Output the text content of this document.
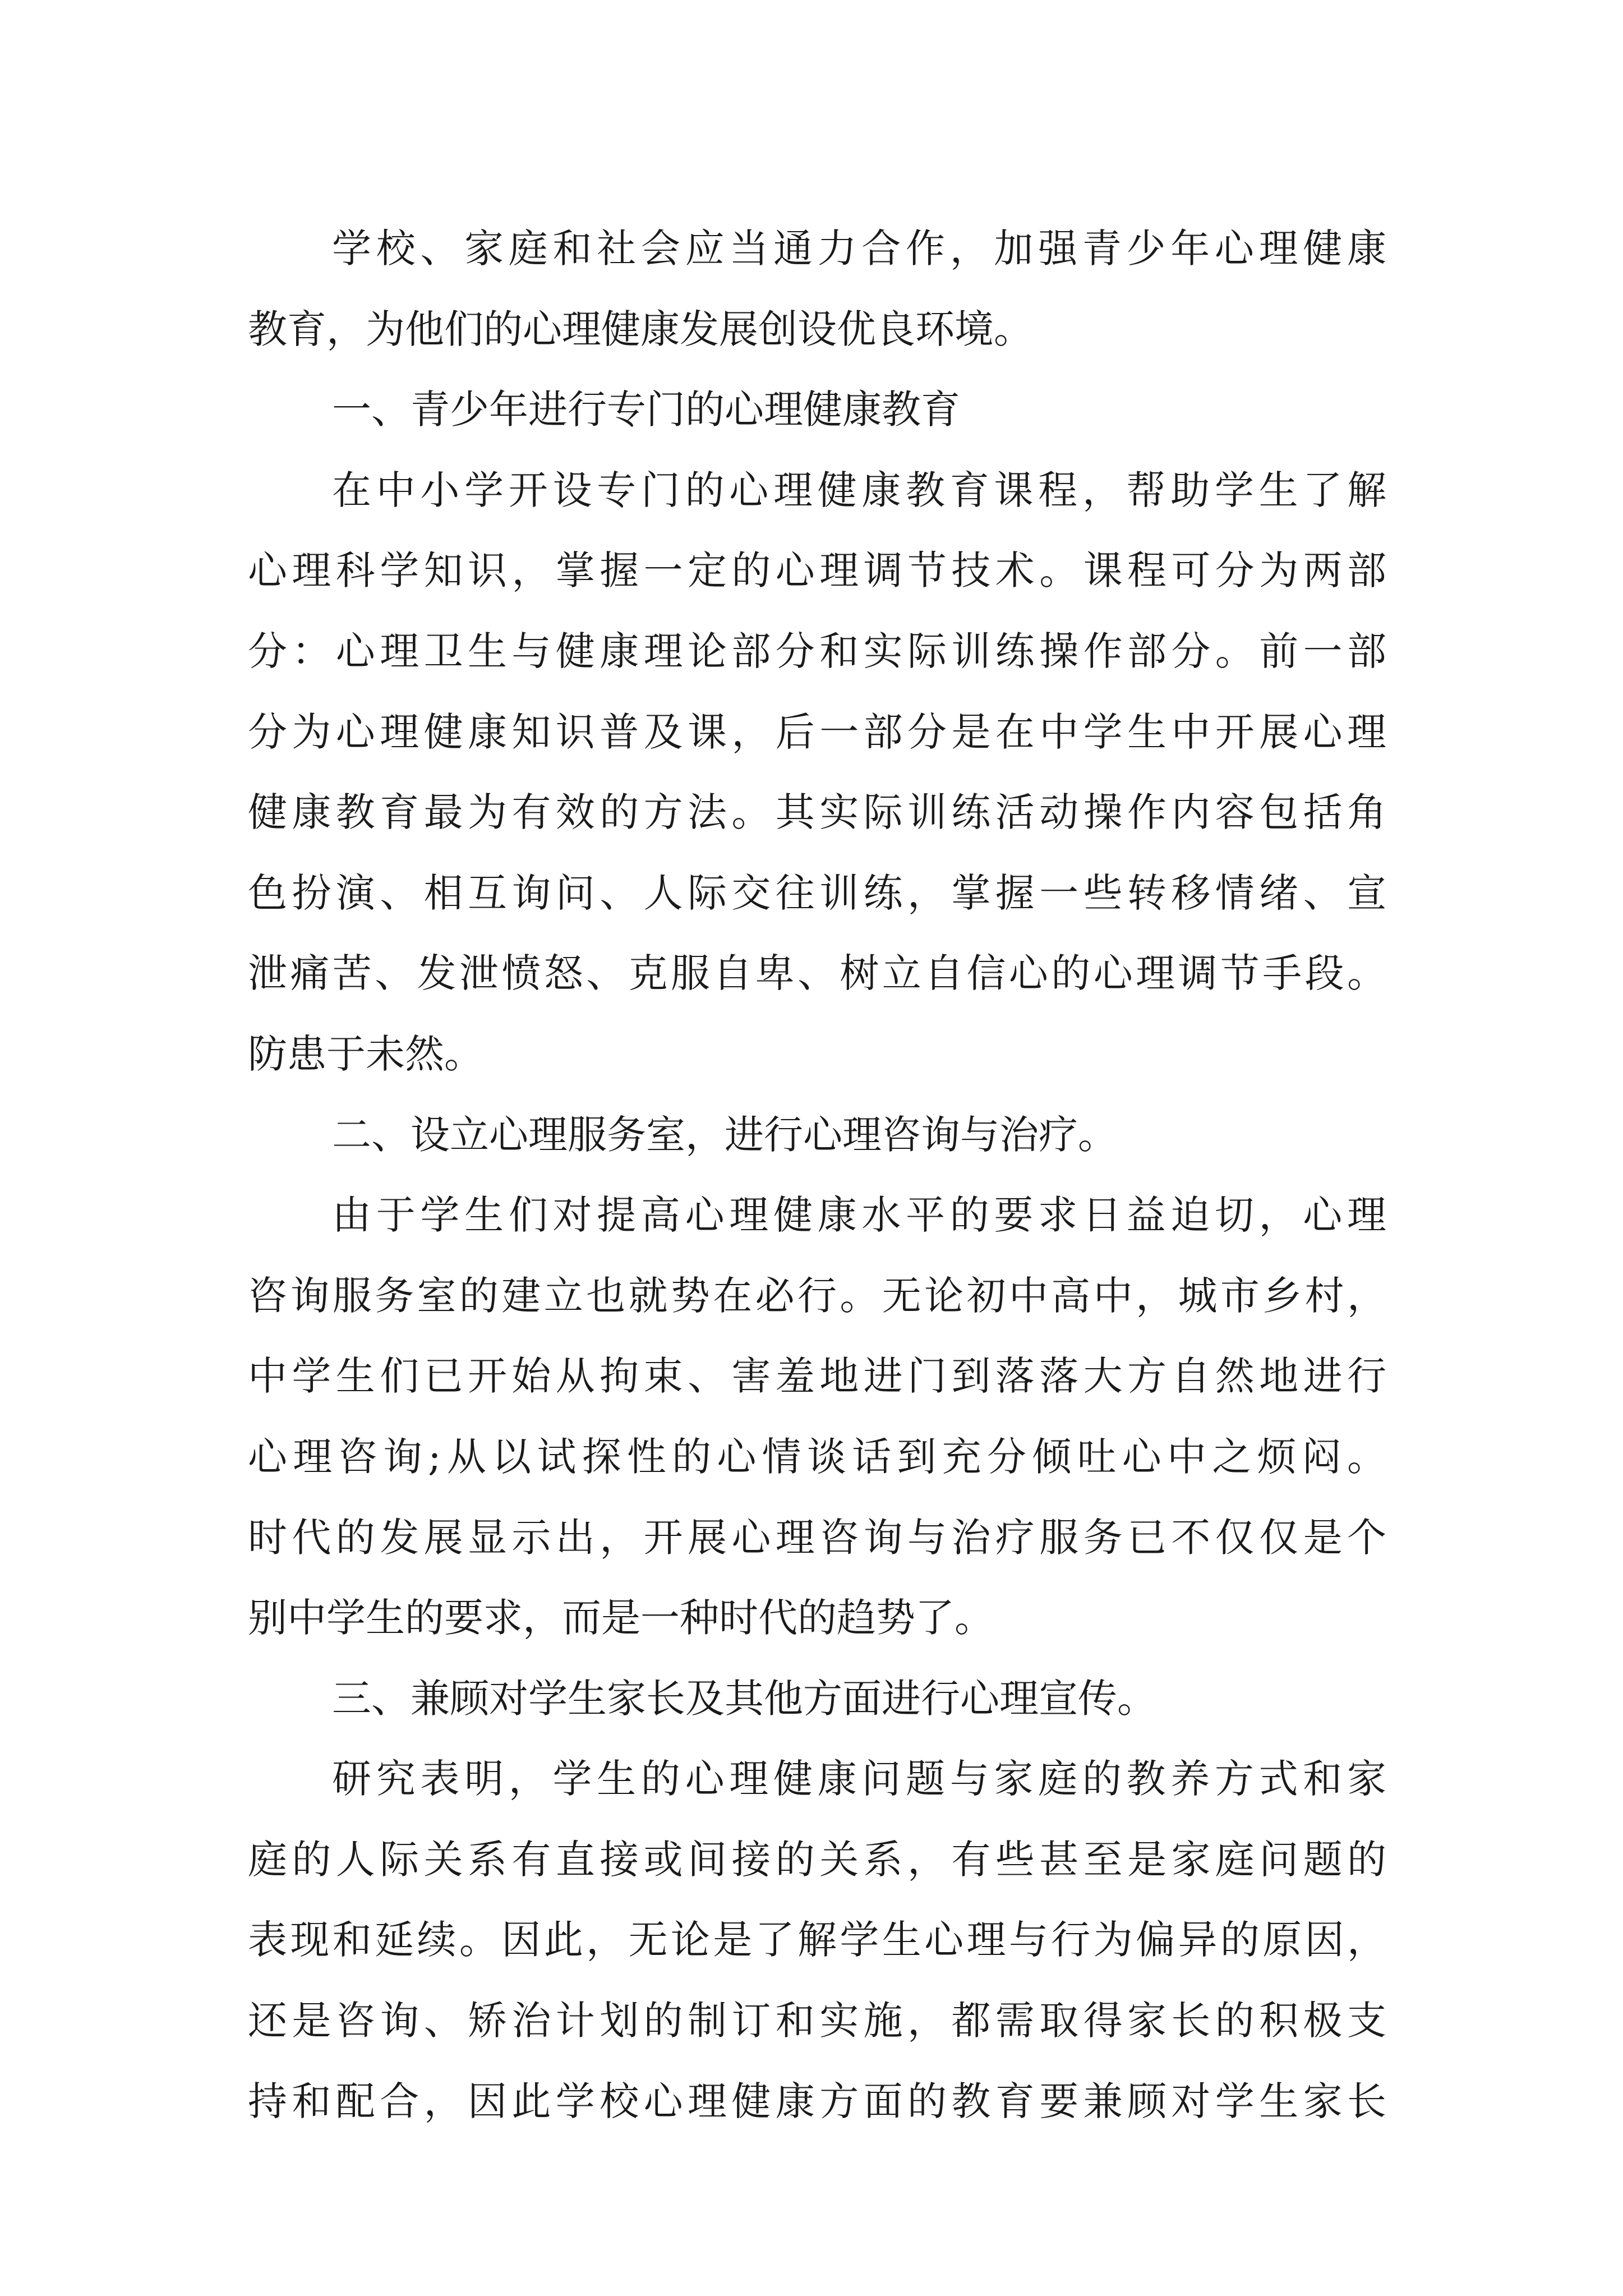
学校、家庭和社会应当通力合作，加强青少年心理健康
教育，为他们的心理健康发展创设优良环境。
一、青少年进行专门的心理健康教育
在中小学开设专门的心理健康教育课程，帮助学生了解
心理科学知识，掌握一定的心理调节技术。课程可分为两部
分：心理卫生与健康理论部分和实际训练操作部分。前一部
分为心理健康知识普及课，后一部分是在中学生中开展心理
健康教育最为有效的方法。其实际训练活动操作内容包括角
色扮演、相互询问、人际交往训练，掌握一些转移情绪、宣
泄痛苦、发泄愤怒、克服自卑、树立自信心的心理调节手段。
防患于未然。
二、设立心理服务室，进行心理咨询与治疗。
由于学生们对提高心理健康水平的要求日益迫切，心理
咨询服务室的建立也就势在必行。无论初中高中，城市乡村，
中学生们已开始从拘束、害羞地进门到落落大方自然地进行
心理咨询;从以试探性的心情谈话到充分倾吐心中之烦闷。
时代的发展显示出，开展心理咨询与治疗服务已不仅仅是个
别中学生的要求，而是一种时代的趋势了。
三、兼顾对学生家长及其他方面进行心理宣传。
研究表明，学生的心理健康问题与家庭的教养方式和家
庭的人际关系有直接或间接的关系，有些甚至是家庭问题的
表现和延续。因此，无论是了解学生心理与行为偏异的原因，
还是咨询、矫治计划的制订和实施，都需取得家长的积极支
持和配合，因此学校心理健康方面的教育要兼顾对学生家长
